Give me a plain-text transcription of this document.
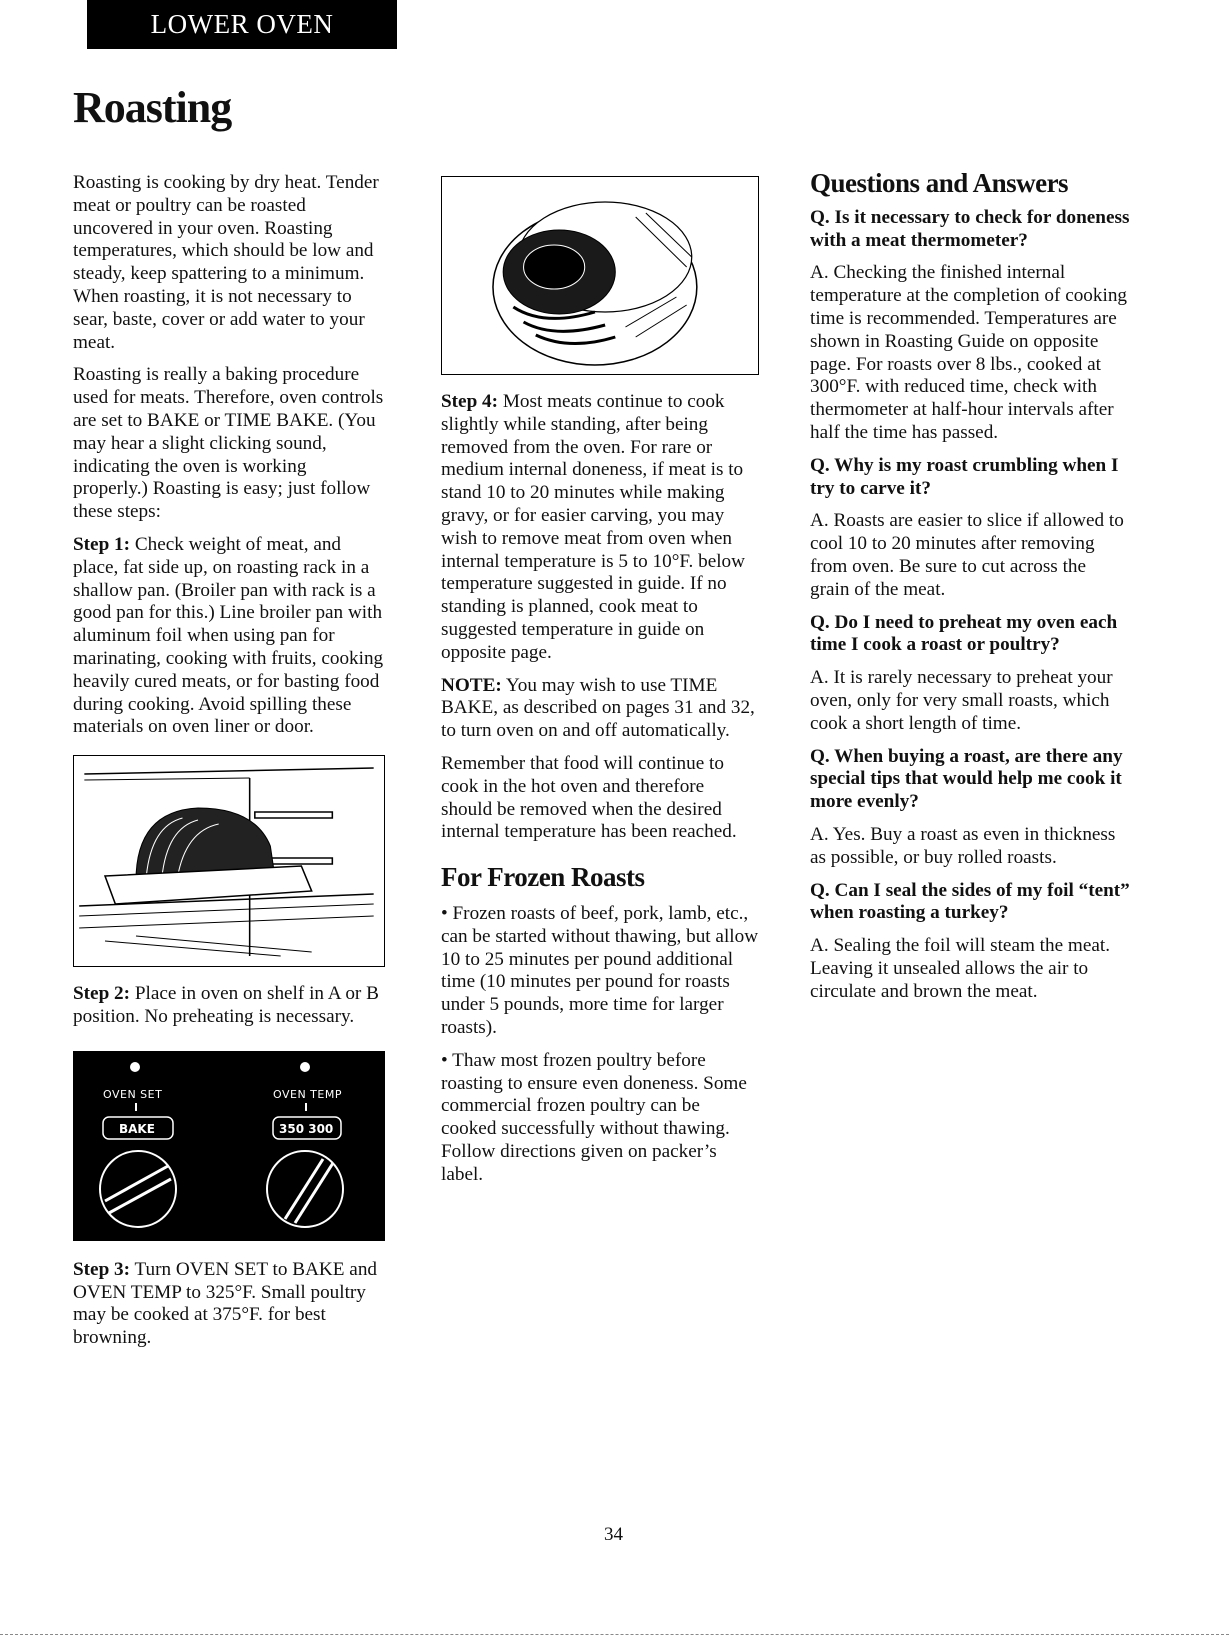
LOWER OVEN
Roasting

Roasting is cooking by dry heat. Tender meat or poultry can be roasted uncovered in your oven. Roasting temperatures, which should be low and steady, keep spattering to a minimum. When roasting, it is not necessary to sear, baste, cover or add water to your meat.

Roasting is really a baking procedure used for meats. Therefore, oven controls are set to BAKE or TIME BAKE. (You may hear a slight clicking sound, indicating the oven is working properly.) Roasting is easy; just follow these steps:

Step 1: Check weight of meat, and place, fat side up, on roasting rack in a shallow pan. (Broiler pan with rack is a good pan for this.) Line broiler pan with aluminum foil when using pan for marinating, cooking with fruits, cooking heavily cured meats, or for basting food during cooking. Avoid spilling these materials on oven liner or door.

Step 2: Place in oven on shelf in A or B position. No preheating is necessary.

BAKE	350 300
OVEN SET	OVEN TEMP

Step 3: Turn OVEN SET to BAKE and OVEN TEMP to 325°F. Small poultry may be cooked at 375°F. for best browning.

Step 4: Most meats continue to cook slightly while standing, after being removed from the oven. For rare or medium internal doneness, if meat is to stand 10 to 20 minutes while making gravy, or for easier carving, you may wish to remove meat from oven when internal temperature is 5 to 10°F. below temperature suggested in guide. If no standing is planned, cook meat to suggested temperature in guide on opposite page.

NOTE: You may wish to use TIME BAKE, as described on pages 31 and 32, to turn oven on and off automatically.

Remember that food will continue to cook in the hot oven and therefore should be removed when the desired internal temperature has been reached.

For Frozen Roasts

• Frozen roasts of beef, pork, lamb, etc., can be started without thawing, but allow 10 to 25 minutes per pound additional time (10 minutes per pound for roasts under 5 pounds, more time for larger roasts).

• Thaw most frozen poultry before roasting to ensure even doneness. Some commercial frozen poultry can be cooked successfully without thawing. Follow directions given on packer’s label.

Questions and Answers

Q. Is it necessary to check for doneness with a meat thermometer?

A. Checking the finished internal temperature at the completion of cooking time is recommended. Temperatures are shown in Roasting Guide on opposite page. For roasts over 8 lbs., cooked at 300°F. with reduced time, check with thermometer at half-hour intervals after half the time has passed.

Q. Why is my roast crumbling when I try to carve it?

A. Roasts are easier to slice if allowed to cool 10 to 20 minutes after removing from oven. Be sure to cut across the grain of the meat.

Q. Do I need to preheat my oven each time I cook a roast or poultry?

A. It is rarely necessary to preheat your oven, only for very small roasts, which cook a short length of time.

Q. When buying a roast, are there any special tips that would help me cook it more evenly?

A. Yes. Buy a roast as even in thickness as possible, or buy rolled roasts.

Q. Can I seal the sides of my foil “tent” when roasting a turkey?

A. Sealing the foil will steam the meat. Leaving it unsealed allows the air to circulate and brown the meat.

34
